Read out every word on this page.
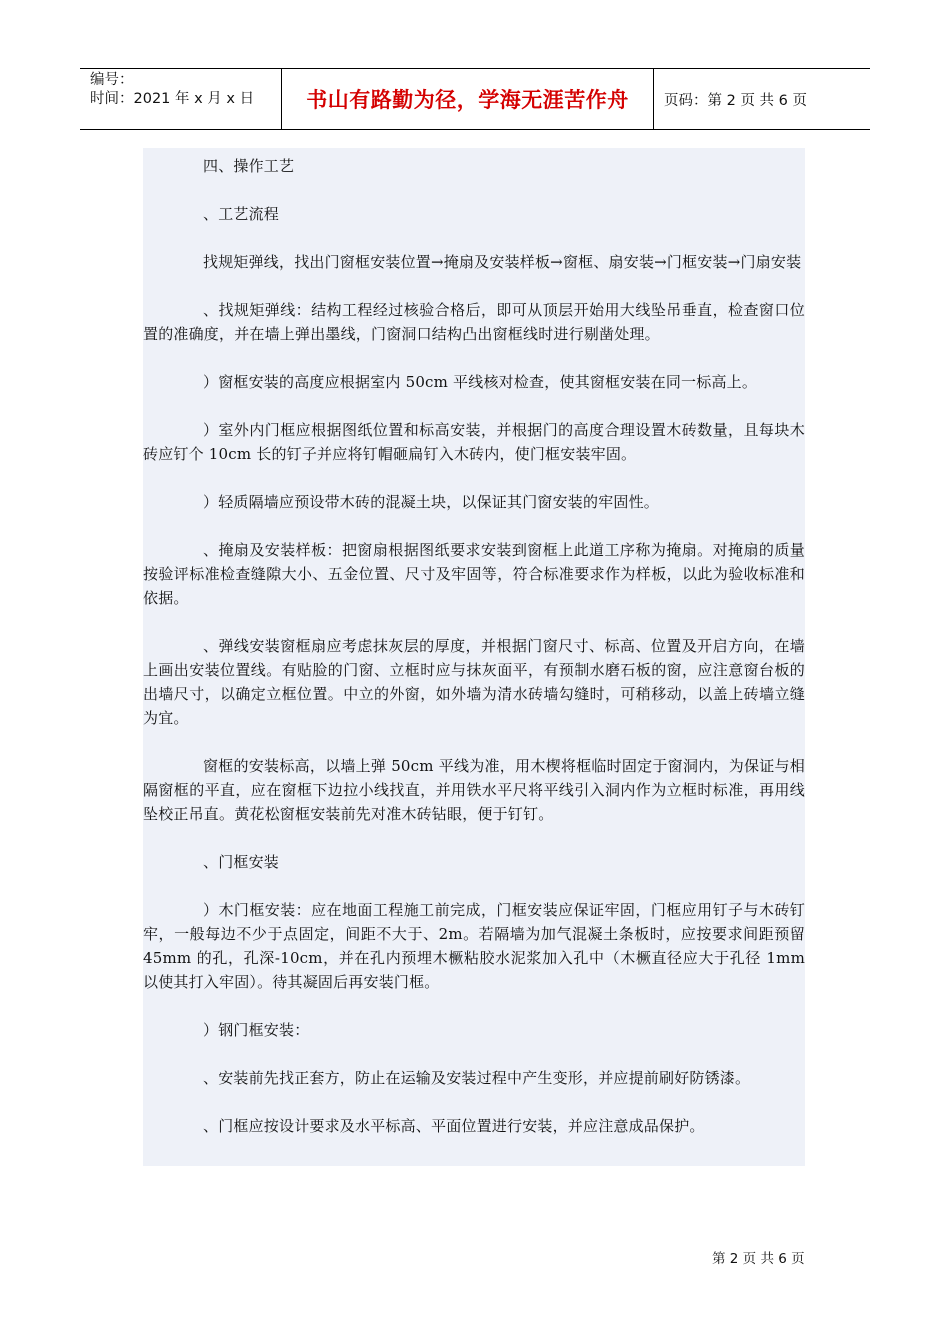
编号：
时间：2021 年 x 月 x 日	书山有路勤为径，学海无涯苦作舟 页码：第 2 页 共 6 页

四、操作工艺

、工艺流程

找规矩弹线，找出门窗框安装位置→掩扇及安装样板→窗框、扇安装→门框安装→门扇安装

、找规矩弹线：结构工程经过核验合格后，即可从顶层开始用大线坠吊垂直，检查窗口位置的准确度，并在墙上弹出墨线，门窗洞口结构凸出窗框线时进行剔凿处理。

）窗框安装的高度应根据室内 50cm 平线核对检查，使其窗框安装在同一标高上。

）室外内门框应根据图纸位置和标高安装，并根据门的高度合理设置木砖数量，且每块木砖应钉个 10cm 长的钉子并应将钉帽砸扁钉入木砖内，使门框安装牢固。

）轻质隔墙应预设带木砖的混凝土块，以保证其门窗安装的牢固性。

、掩扇及安装样板：把窗扇根据图纸要求安装到窗框上此道工序称为掩扇。对掩扇的质量按验评标准检查缝隙大小、五金位置、尺寸及牢固等，符合标准要求作为样板，以此为验收标准和依据。

、弹线安装窗框扇应考虑抹灰层的厚度，并根据门窗尺寸、标高、位置及开启方向，在墙上画出安装位置线。有贴脸的门窗、立框时应与抹灰面平，有预制水磨石板的窗，应注意窗台板的出墙尺寸，以确定立框位置。中立的外窗，如外墙为清水砖墙勾缝时，可稍移动，以盖上砖墙立缝为宜。

窗框的安装标高，以墙上弹 50cm 平线为准，用木楔将框临时固定于窗洞内，为保证与相隔窗框的平直，应在窗框下边拉小线找直，并用铁水平尺将平线引入洞内作为立框时标准，再用线坠校正吊直。黄花松窗框安装前先对准木砖钻眼，便于钉钉。

、门框安装

）木门框安装：应在地面工程施工前完成，门框安装应保证牢固，门框应用钉子与木砖钉牢，一般每边不少于点固定，间距不大于、2m。若隔墙为加气混凝土条板时，应按要求间距预留 45mm 的孔，孔深-10cm，并在孔内预埋木橛粘胶水泥浆加入孔中（木橛直径应大于孔径 1mm 以使其打入牢固）。待其凝固后再安装门框。

）钢门框安装：

、安装前先找正套方，防止在运输及安装过程中产生变形，并应提前刷好防锈漆。

、门框应按设计要求及水平标高、平面位置进行安装，并应注意成品保护。

第 2 页 共 6 页
